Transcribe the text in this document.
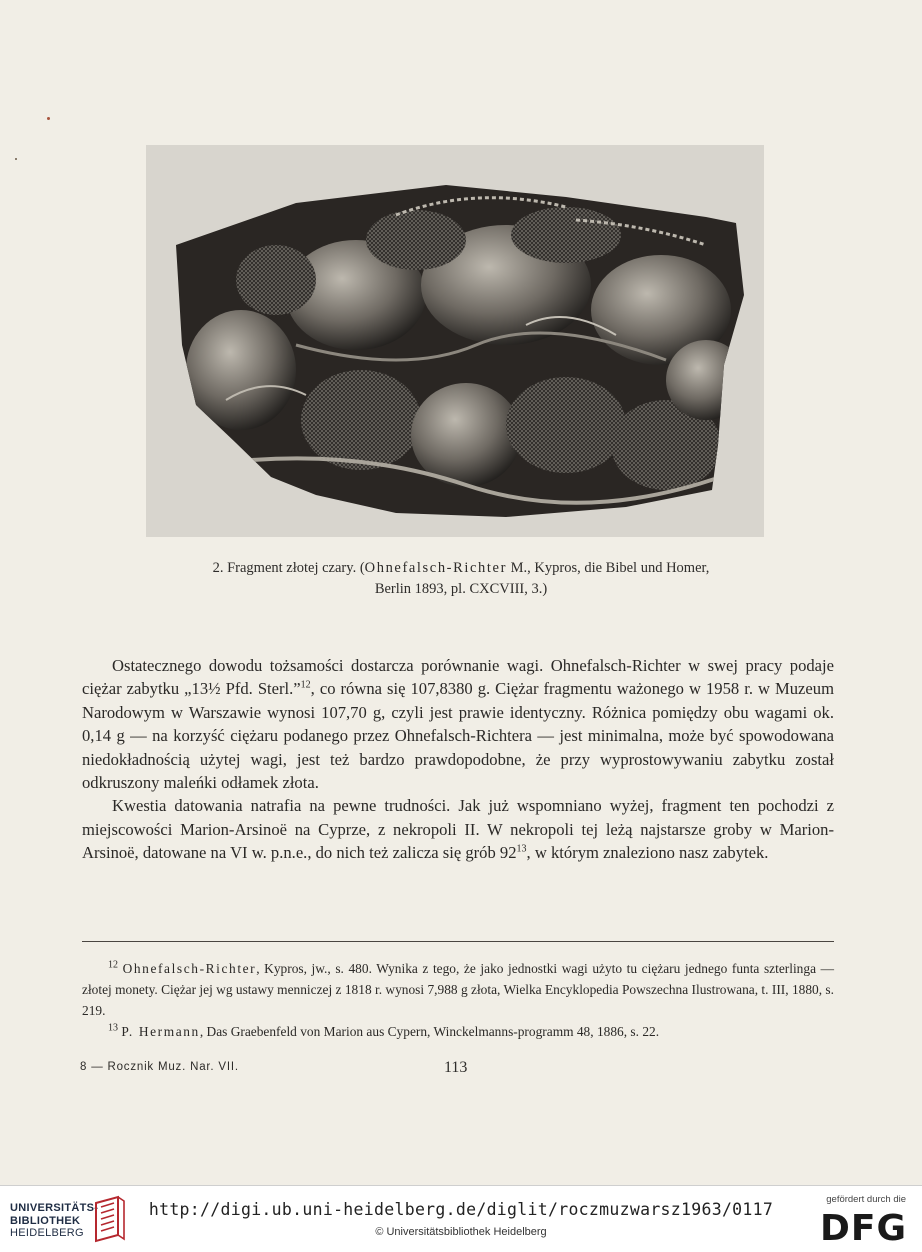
2. Fragment złotej czary. (Ohnefalsch-Richter M., Kypros, die Bibel und Homer,
Berlin 1893, pl. CXCVIII, 3.)

Ostatecznego dowodu tożsamości dostarcza porównanie wagi. Ohnefalsch-Richter w swej pracy podaje ciężar zabytku „13½ Pfd. Sterl.”$^{12}$, co równa się 107,8380 g. Ciężar fragmentu ważonego w 1958 r. w Muzeum Narodowym w Warszawie wynosi 107,70 g, czyli jest prawie identyczny. Różnica pomiędzy obu wagami ok. 0,14 g — na korzyść ciężaru podanego przez Ohnefalsch-Richtera — jest minimalna, może być spowodowana niedokładnością użytej wagi, jest też bardzo prawdopodobne, że przy wyprostowywaniu zabytku został odkruszony maleńki odłamek złota.

Kwestia datowania natrafia na pewne trudności. Jak już wspomniano wyżej, fragment ten pochodzi z miejscowości Marion-Arsinoë na Cyprze, z nekropoli II. W nekropoli tej leżą najstarsze groby w Marion-Arsinoë, datowane na VI w. p.n.e., do nich też zalicza się grób $92^{13}$, w którym znaleziono nasz zabytek.

$^{12}$ Ohnefalsch-Richter, Kypros, jw., s. 480. Wynika z tego, że jako jednostki wagi użyto tu ciężaru jednego funta szterlinga — złotej monety. Ciężar jej wg ustawy menniczej z 1818 r. wynosi 7,988 g złota, Wielka Encyklopedia Powszechna Ilustrowana, t. III, 1880, s. 219.

$^{13}$ P. Hermann, Das Graebenfeld von Marion aus Cypern, Winckelmanns-programm 48, 1886, s. 22.

8 — Rocznik Muz. Nar. VII.	113
UNIVERSITÄTS-
BIBLIOTHEK
HEIDELBERG
http://digi.ub.uni-heidelberg.de/diglit/roczmuzwarsz1963/0117
© Universitätsbibliothek Heidelberg
gefördert durch die
DFG
